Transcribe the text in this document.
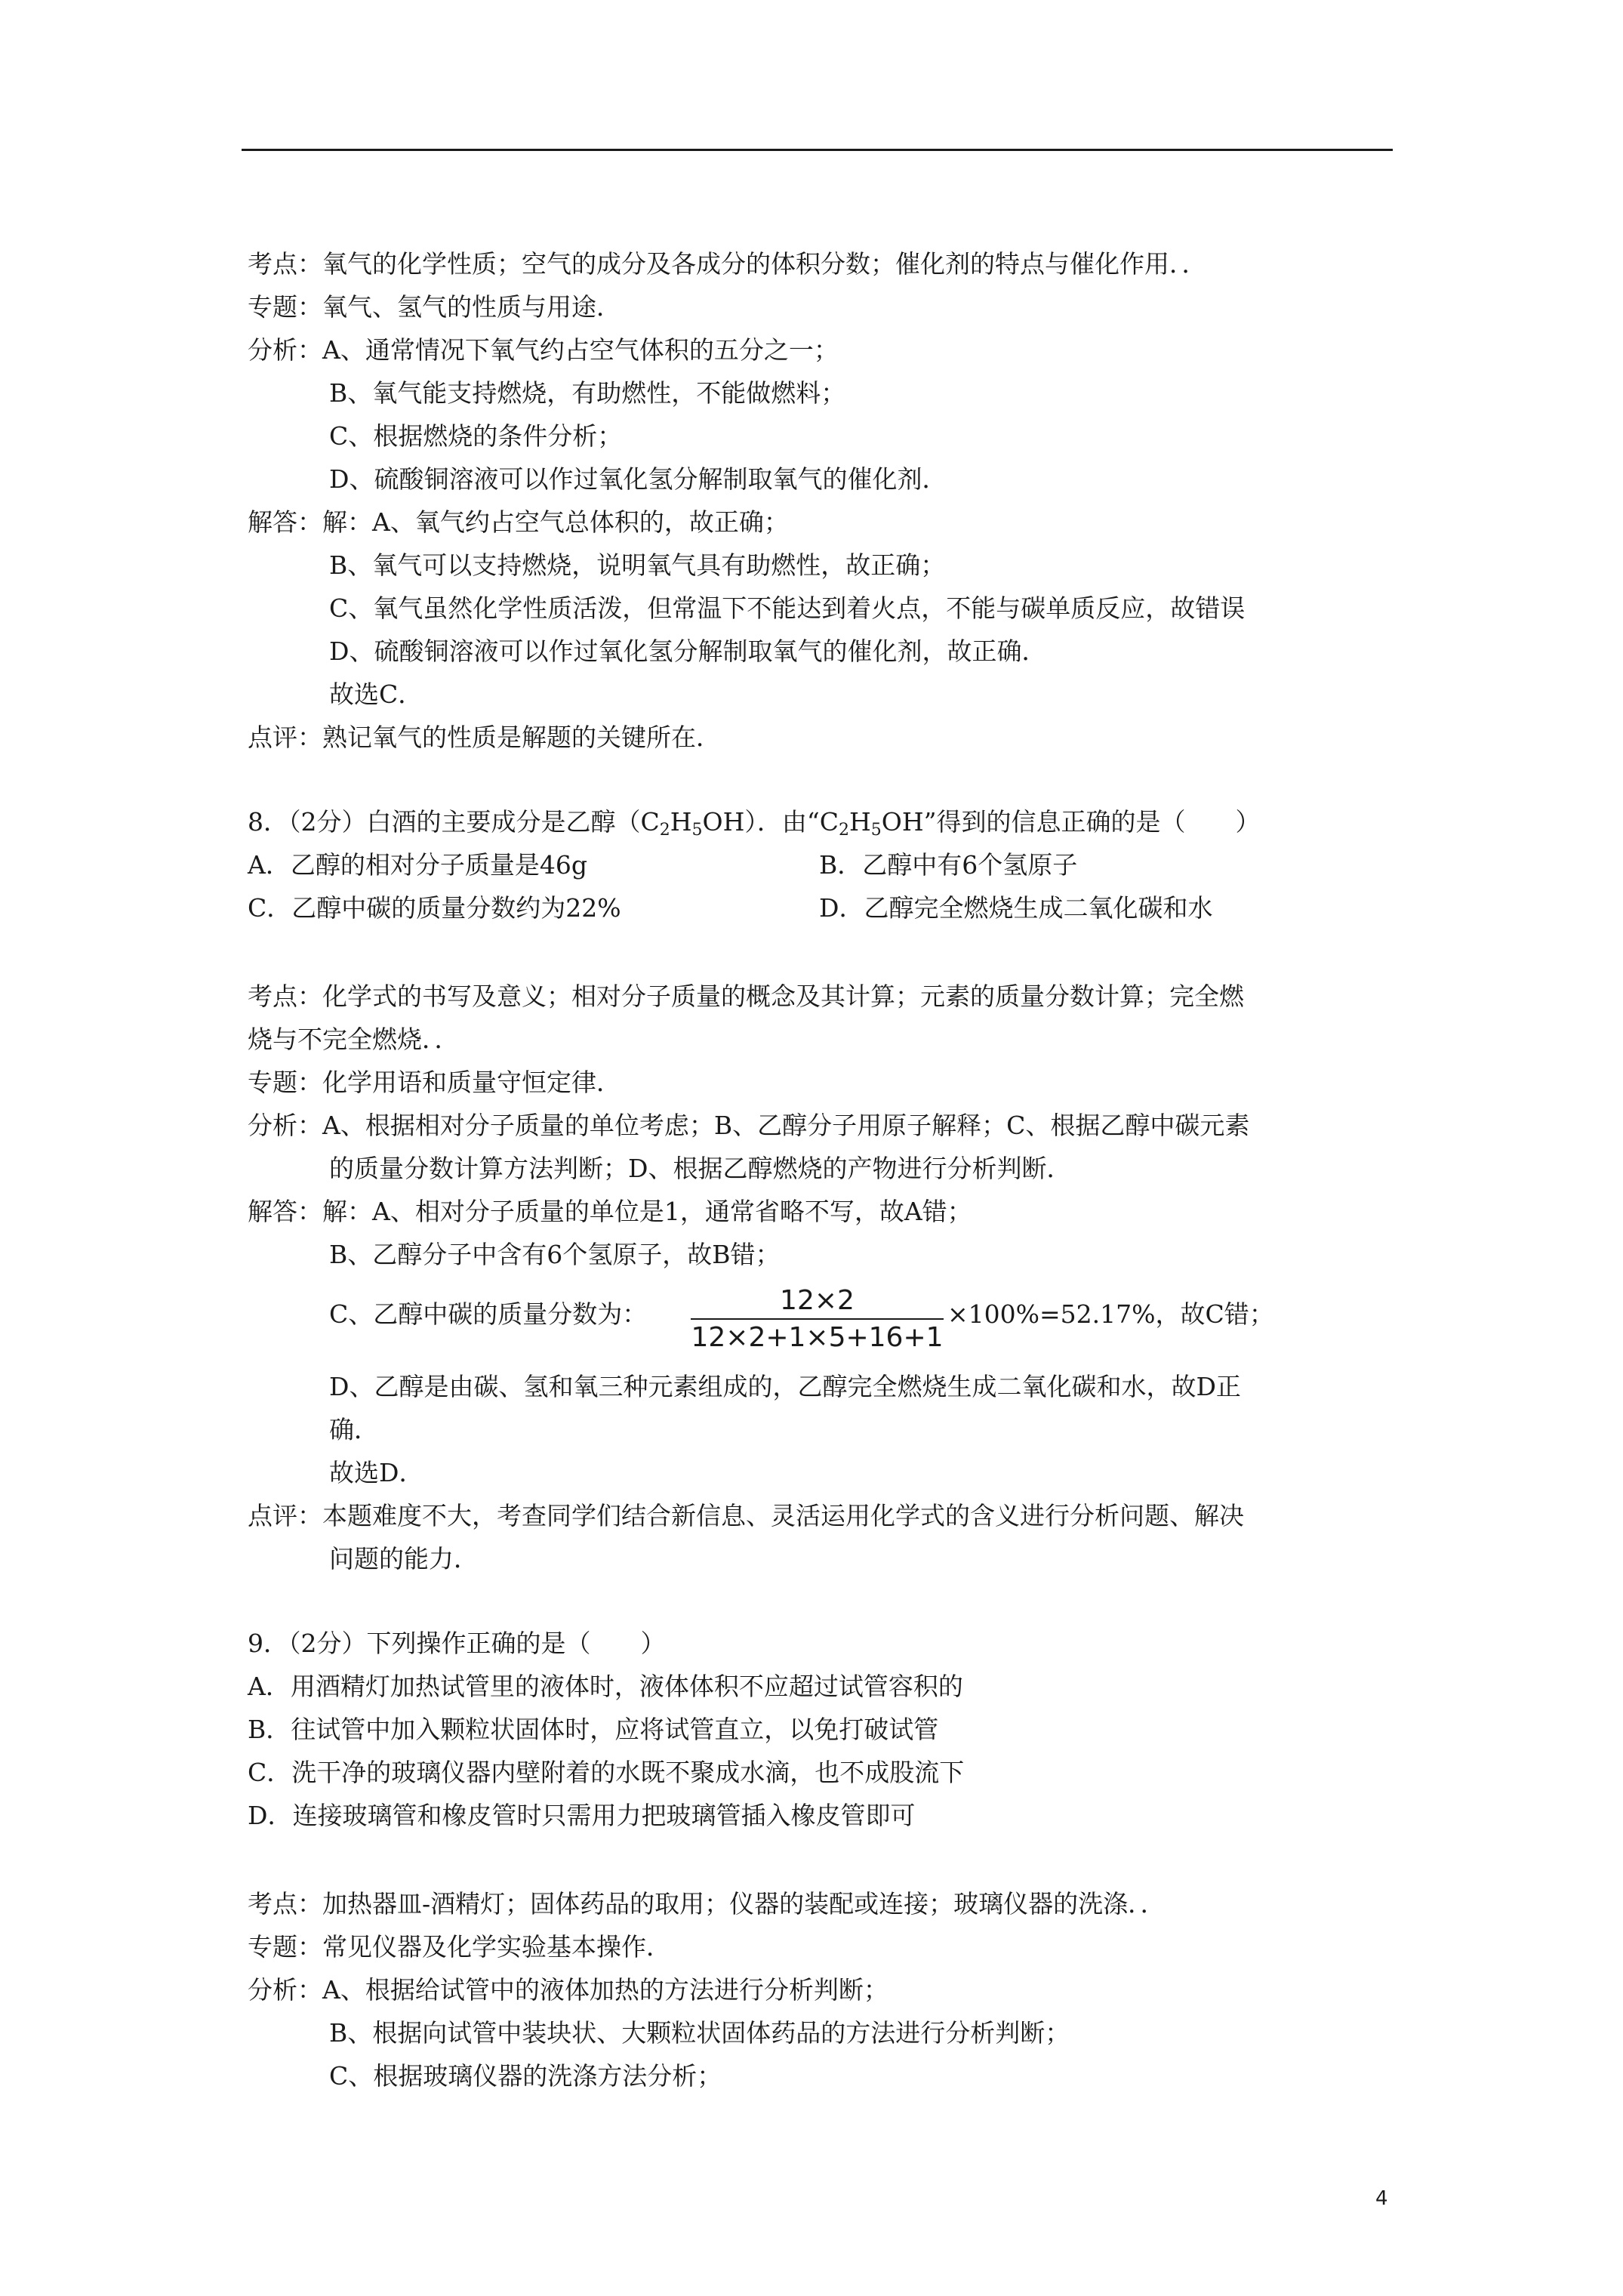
考点：氧气的化学性质；空气的成分及各成分的体积分数；催化剂的特点与催化作用．．
专题：氧气、氢气的性质与用途．
分析：A、通常情况下氧气约占空气体积的五分之一；
B、氧气能支持燃烧，有助燃性，不能做燃料；
C、根据燃烧的条件分析；
D、硫酸铜溶液可以作过氧化氢分解制取氧气的催化剂．
解答：解：A、氧气约占空气总体积的，故正确；
B、氧气可以支持燃烧，说明氧气具有助燃性，故正确；
C、氧气虽然化学性质活泼，但常温下不能达到着火点，不能与碳单质反应，故错误
D、硫酸铜溶液可以作过氧化氢分解制取氧气的催化剂，故正确．
故选C．
点评：熟记氧气的性质是解题的关键所在．
8．（2分）白酒的主要成分是乙醇$(C_2H_5OH)$．由“$C_2H_5OH$”得到的信息正确的是（　　）
A．乙醇的相对分子质量是46g	B．乙醇中有6个氢原子
C．乙醇中碳的质量分数约为22%	D．乙醇完全燃烧生成二氧化碳和水
考点：化学式的书写及意义；相对分子质量的概念及其计算；元素的质量分数计算；完全燃
烧与不完全燃烧．．
专题：化学用语和质量守恒定律．
分析：A、根据相对分子质量的单位考虑；B、乙醇分子用原子解释；C、根据乙醇中碳元素
的质量分数计算方法判断；D、根据乙醇燃烧的产物进行分析判断．
解答：解：A、相对分子质量的单位是1，通常省略不写，故A错；
B、乙醇分子中含有6个氢原子，故B错；
C、乙醇中碳的质量分数为：	12×2
12×2+1×5+16+1
×100%=52.17%，故C错；
D、乙醇是由碳、氢和氧三种元素组成的，乙醇完全燃烧生成二氧化碳和水，故D正
确．
故选D．
点评：本题难度不大，考查同学们结合新信息、灵活运用化学式的含义进行分析问题、解决
问题的能力．
9．（2分）下列操作正确的是（　　）
A．用酒精灯加热试管里的液体时，液体体积不应超过试管容积的
B．往试管中加入颗粒状固体时，应将试管直立，以免打破试管
C．洗干净的玻璃仪器内壁附着的水既不聚成水滴，也不成股流下
D．连接玻璃管和橡皮管时只需用力把玻璃管插入橡皮管即可
考点：加热器皿-酒精灯；固体药品的取用；仪器的装配或连接；玻璃仪器的洗涤．．
专题：常见仪器及化学实验基本操作．
分析：A、根据给试管中的液体加热的方法进行分析判断；
B、根据向试管中装块状、大颗粒状固体药品的方法进行分析判断；
C、根据玻璃仪器的洗涤方法分析；
4
